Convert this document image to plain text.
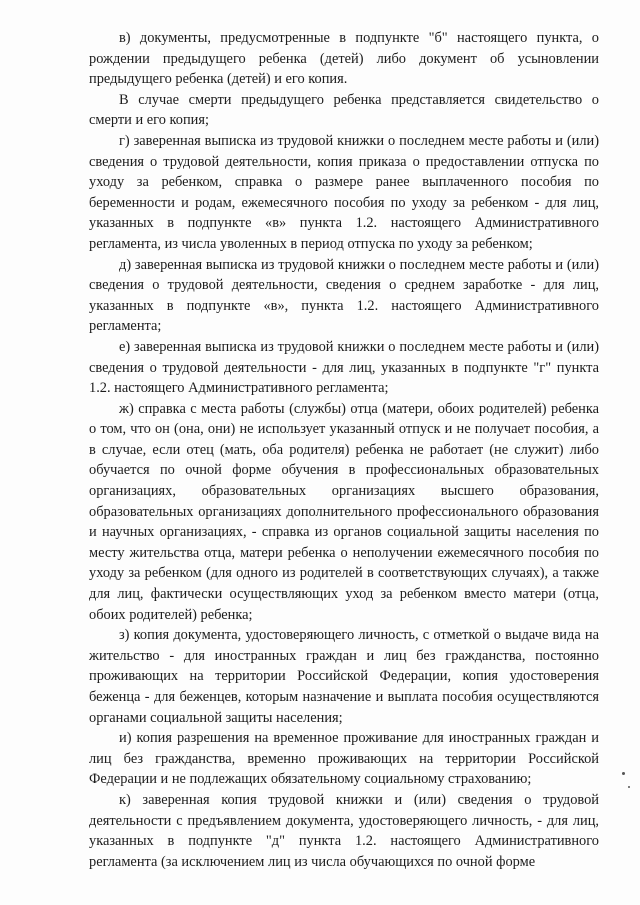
в) документы, предусмотренные в подпункте "б" настоящего пункта, о рождении предыдущего ребенка (детей) либо документ об усыновлении предыдущего ребенка (детей) и его копия.

В случае смерти предыдущего ребенка представляется свидетельство о смерти и его копия;

г) заверенная выписка из трудовой книжки о последнем месте работы и (или) сведения о трудовой деятельности, копия приказа о предоставлении отпуска по уходу за ребенком, справка о размере ранее выплаченного пособия по беременности и родам, ежемесячного пособия по уходу за ребенком - для лиц, указанных в подпункте «в» пункта 1.2. настоящего Административного регламента, из числа уволенных в период отпуска по уходу за ребенком;

д) заверенная выписка из трудовой книжки о последнем месте работы и (или) сведения о трудовой деятельности, сведения о среднем заработке - для лиц, указанных в подпункте «в», пункта 1.2. настоящего Административного регламента;

е) заверенная выписка из трудовой книжки о последнем месте работы и (или) сведения о трудовой деятельности - для лиц, указанных в подпункте "г" пункта 1.2. настоящего Административного регламента;

ж) справка с места работы (службы) отца (матери, обоих родителей) ребенка о том, что он (она, они) не использует указанный отпуск и не получает пособия, а в случае, если отец (мать, оба родителя) ребенка не работает (не служит) либо обучается по очной форме обучения в профессиональных образовательных организациях, образовательных организациях высшего образования, образовательных организациях дополнительного профессионального образования и научных организациях, - справка из органов социальной защиты населения по месту жительства отца, матери ребенка о неполучении ежемесячного пособия по уходу за ребенком (для одного из родителей в соответствующих случаях), а также для лиц, фактически осуществляющих уход за ребенком вместо матери (отца, обоих родителей) ребенка;

з) копия документа, удостоверяющего личность, с отметкой о выдаче вида на жительство - для иностранных граждан и лиц без гражданства, постоянно проживающих на территории Российской Федерации, копия удостоверения беженца - для беженцев, которым назначение и выплата пособия осуществляются органами социальной защиты населения;

и) копия разрешения на временное проживание для иностранных граждан и лиц без гражданства, временно проживающих на территории Российской Федерации и не подлежащих обязательному социальному страхованию;

к) заверенная копия трудовой книжки и (или) сведения о трудовой деятельности с предъявлением документа, удостоверяющего личность, - для лиц, указанных в подпункте "д" пункта 1.2. настоящего Административного регламента (за исключением лиц из числа обучающихся по очной форме
